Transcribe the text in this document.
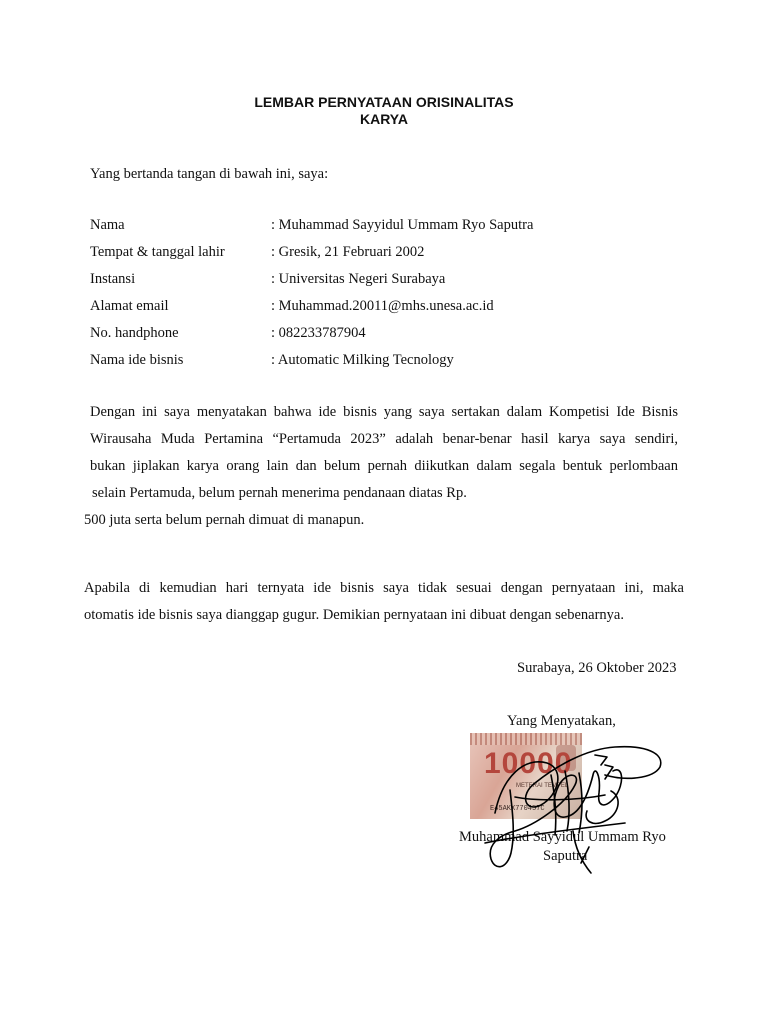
LEMBAR PERNYATAAN ORISINALITAS
KARYA
Yang bertanda tangan di bawah ini, saya:
Nama	: Muhammad Sayyidul Ummam Ryo Saputra
Tempat & tanggal lahir	: Gresik, 21 Februari 2002
Instansi	: Universitas Negeri Surabaya
Alamat email	: Muhammad.20011@mhs.unesa.ac.id
No. handphone	: 082233787904
Nama ide bisnis	: Automatic Milking Tecnology
Dengan ini saya menyatakan bahwa ide bisnis yang saya sertakan dalam Kompetisi Ide Bisnis
Wirausaha Muda Pertamina “Pertamuda 2023” adalah benar-benar hasil karya saya sendiri,
bukan jiplakan karya orang lain dan belum pernah diikutkan dalam segala bentuk perlombaan
selain Pertamuda, belum pernah menerima pendanaan diatas Rp.
500 juta serta belum pernah dimuat di manapun.
Apabila di kemudian hari ternyata ide bisnis saya tidak sesuai dengan pernyataan ini, maka
otomatis ide bisnis saya dianggap gugur. Demikian pernyataan ini dibuat dengan sebenarnya.
Surabaya, 26 Oktober 2023
Yang Menyatakan,
10000
METERAI TEMPEL
E45AKX770457C
Muhammad Sayyidul Ummam Ryo
Saputra
